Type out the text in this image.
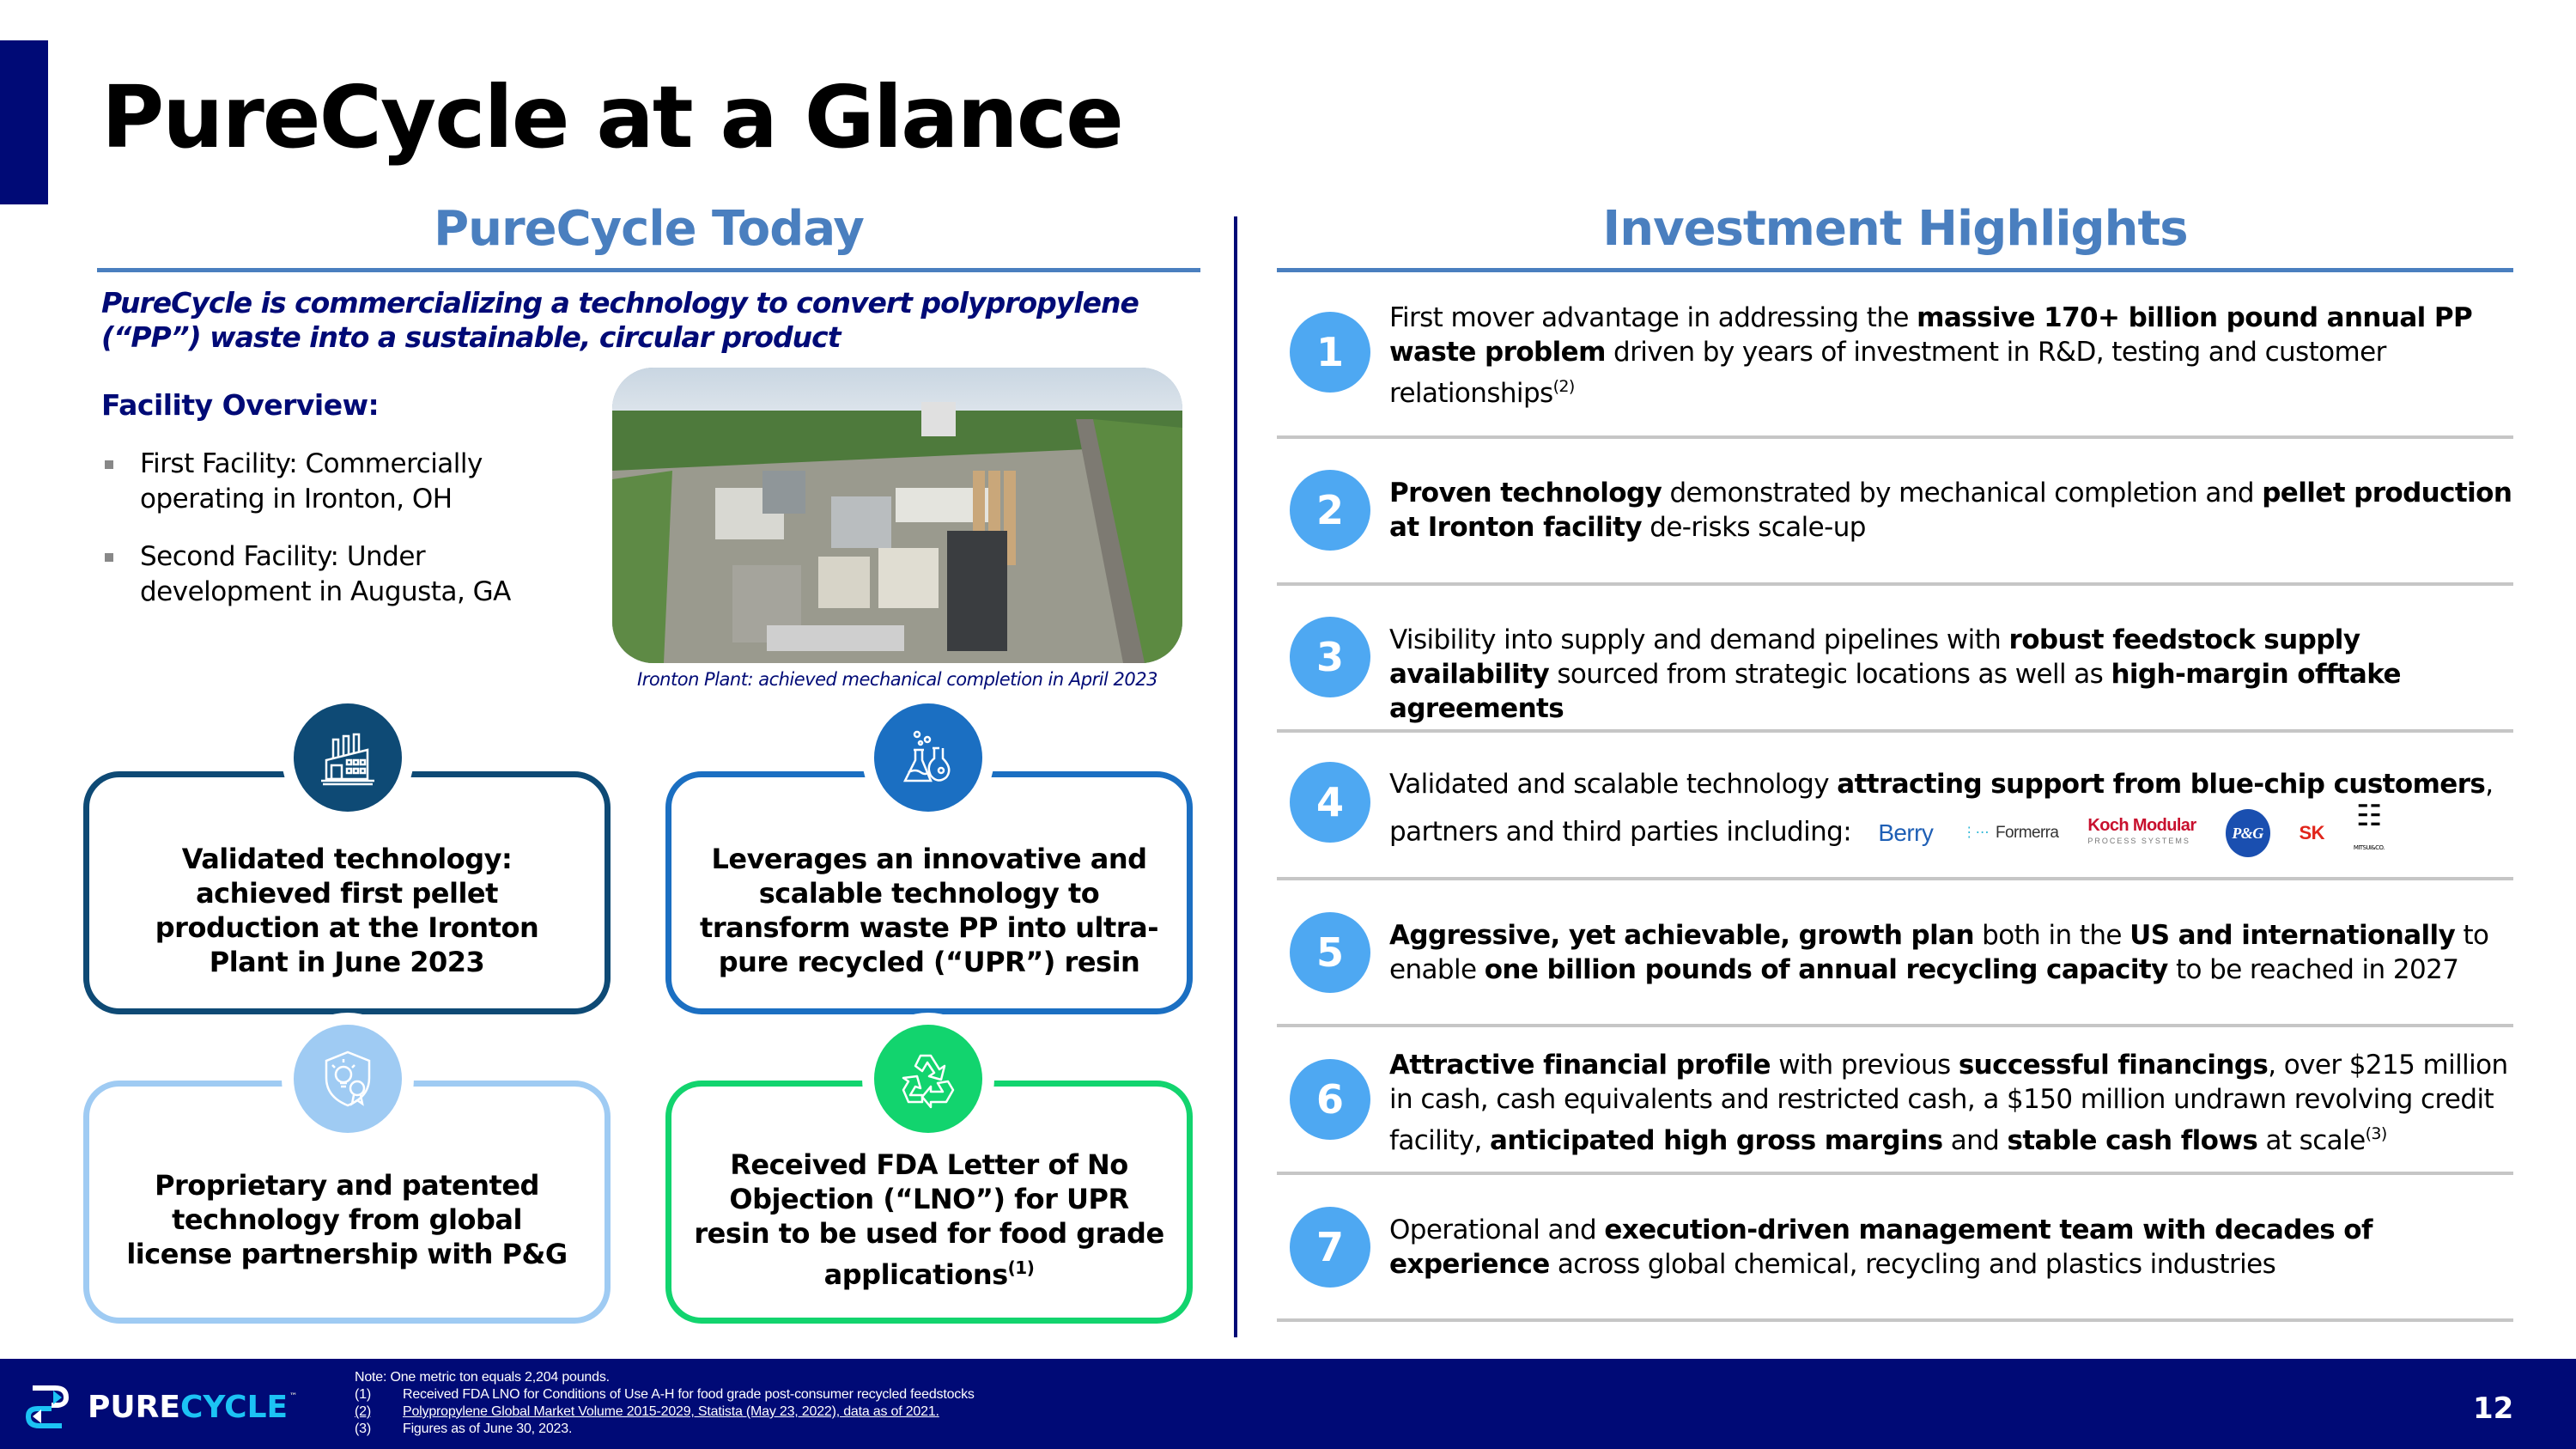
PureCycle at a Glance
PureCycle Today	Investment Highlights
PureCycle is commercializing a technology to convert polypropylene (“PP”) waste into a sustainable, circular product
Facility Overview:
First Facility: Commercially operating in Ironton, OH
Second Facility: Under development in Augusta, GA
Ironton Plant: achieved mechanical completion in April 2023
Validated technology: achieved first pellet production at the Ironton Plant in June 2023
Leverages an innovative and scalable technology to transform waste PP into ultra-pure recycled (“UPR”) resin
Proprietary and patented technology from global license partnership with P&G
Received FDA Letter of No Objection (“LNO”) for UPR resin to be used for food grade applications$^{(1)}$
1
First mover advantage in addressing the massive 170+ billion pound annual PP waste problem driven by years of investment in R&D, testing and customer relationships$^{(2)}$
2	Proven technology demonstrated by mechanical completion and pellet production at Ironton facility de-risks scale-up
3	Visibility into supply and demand pipelines with robust feedstock supply availability sourced from strategic locations as well as high-margin offtake agreements
4	Validated and scalable technology attracting support from blue-chip customers, partners and third parties including: Berry ⋮⋯ Formerra Koch Modular
PROCESS SYSTEMS	P&G	SK ☷
MITSUI&CO.
5	Aggressive, yet achievable, growth plan both in the US and internationally to enable one billion pounds of annual recycling capacity to be reached in 2027
6
Attractive financial profile with previous successful financings, over $215 million in cash, cash equivalents and restricted cash, a $150 million undrawn revolving credit facility, anticipated high gross margins and stable cash flows at scale$^{(3)}$
7	Operational and execution-driven management team with decades of experience across global chemical, recycling and plastics industries
PURECYCLE ™
Note: One metric ton equals 2,204 pounds.
(1)	Received FDA LNO for Conditions of Use A-H for food grade post-consumer recycled feedstocks
(2)	Polypropylene Global Market Volume 2015-2029, Statista (May 23, 2022), data as of 2021.
(3)	Figures as of June 30, 2023.
12
